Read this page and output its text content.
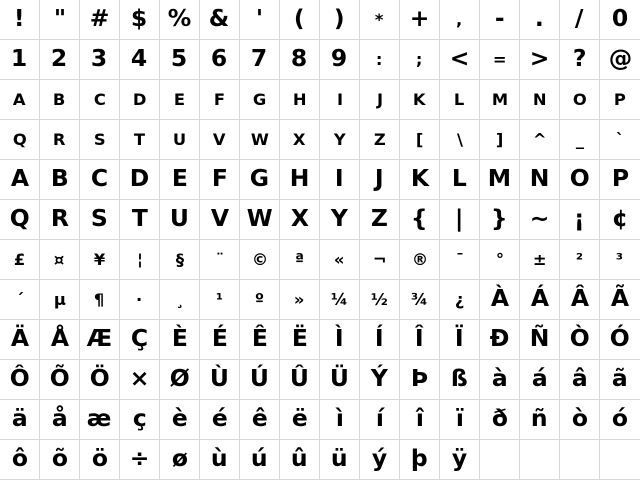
! " # $ % & ' ( ) * + , - . / 0
1 2 3 4 5 6 7 8 9 : ; < = > ? @
A B C D E F G H I J K L M N O P
Q R S T U V W X Y Z [ \ ] ^ _ `
A B C D E F G H I J K L M N O P
Q R S T U V W X Y Z { | } ~ ¡ ¢
£ ¤ ¥ ¦ § ¨ © ª « ¬ ® ¯ ° ± ² ³
´ µ ¶ · ¸ ¹ º » ¼ ½ ¾ ¿ À Á Â Ã
Ä Å Æ Ç È É Ê Ë Ì Í Î Ï Ð Ñ Ò Ó
Ô Õ Ö × Ø Ù Ú Û Ü Ý Þ ß à á â ã
ä å æ ç è é ê ë ì í î ï ð ñ ò ó
ô õ ö ÷ ø ù ú û ü ý þ ÿ
